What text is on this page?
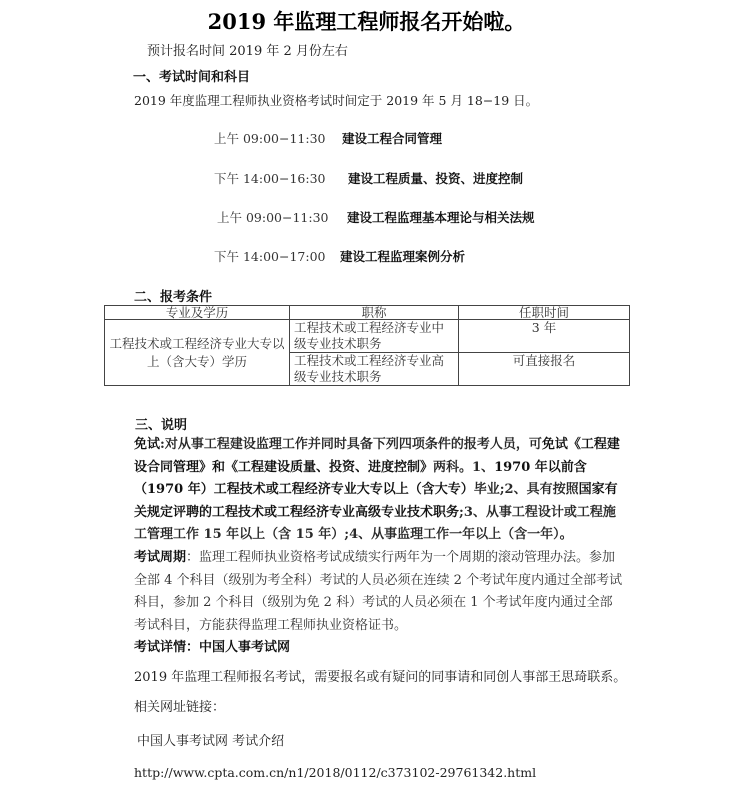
2019 年监理工程师报名开始啦。
预计报名时间 2019 年 2 月份左右
一、考试时间和科目
2019 年度监理工程师执业资格考试时间定于 2019 年 5 月 18−19 日。
上午 09:00−11:30 建设工程合同管理
下午 14:00−16:30 建设工程质量、投资、进度控制
上午 09:00−11:30 建设工程监理基本理论与相关法规
下午 14:00−17:00 建设工程监理案例分析
二、报考条件
专业及学历	职称	任职时间

工程技术或工程经济专业大专以上（含大专）学历	工程技术或工程经济专业中级专业技术职务	3 年

	工程技术或工程经济专业高级专业技术职务	可直接报名
三、说明
免试:对从事工程建设监理工作并同时具备下列四项条件的报考人员，可免试《工程建设合同管理》和《工程建设质量、投资、进度控制》两科。1、1970 年以前含（1970 年）工程技术或工程经济专业大专以上（含大专）毕业;2、具有按照国家有关规定评聘的工程技术或工程经济专业高级专业技术职务;3、从事工程设计或工程施工管理工作 15 年以上（含 15 年）;4、从事监理工作一年以上（含一年）。
考试周期：监理工程师执业资格考试成绩实行两年为一个周期的滚动管理办法。参加全部 4 个科目（级别为考全科）考试的人员必须在连续 2 个考试年度内通过全部考试科目，参加 2 个科目（级别为免 2 科）考试的人员必须在 1 个考试年度内通过全部考试科目，方能获得监理工程师执业资格证书。
考试详情：中国人事考试网
2019 年监理工程师报名考试，需要报名或有疑问的同事请和同创人事部王思琦联系。
相关网址链接：
中国人事考试网 考试介绍
http://www.cpta.com.cn/n1/2018/0112/c373102-29761342.html
